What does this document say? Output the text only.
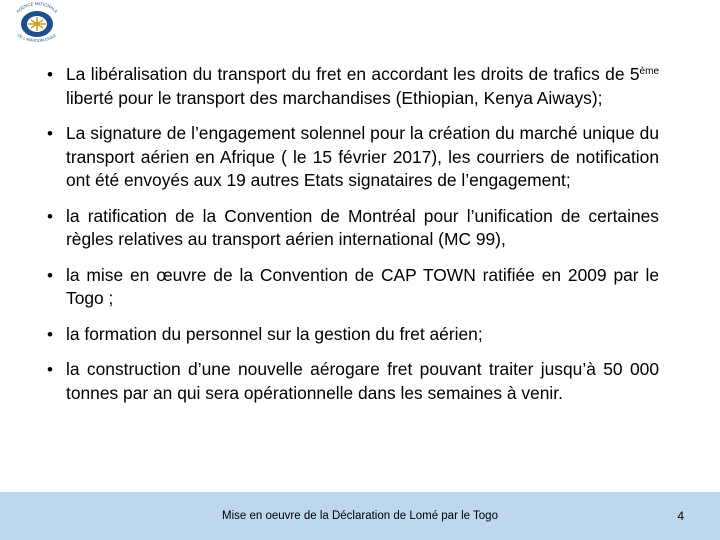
AGENCE NATIONALE
DE L'AVIATION CIVILE
• La libéralisation du transport du fret en accordant les droits de trafics de 5ème liberté pour le transport des marchandises (Ethiopian, Kenya Aiways);
• La signature de l’engagement solennel pour la création du marché unique du transport aérien en Afrique ( le 15 février 2017), les courriers de notification ont été envoyés aux 19 autres Etats signataires de l’engagement;
• la ratification de la Convention de Montréal pour l’unification de certaines règles relatives au transport aérien international (MC 99),
• la mise en œuvre de la Convention de CAP TOWN ratifiée en 2009 par le Togo ;
• la formation du personnel sur la gestion du fret aérien;
• la construction d’une nouvelle aérogare fret pouvant traiter jusqu’à 50 000 tonnes par an qui sera opérationnelle dans les semaines à venir.
Mise en oeuvre de la Déclaration de Lomé par le Togo	4
